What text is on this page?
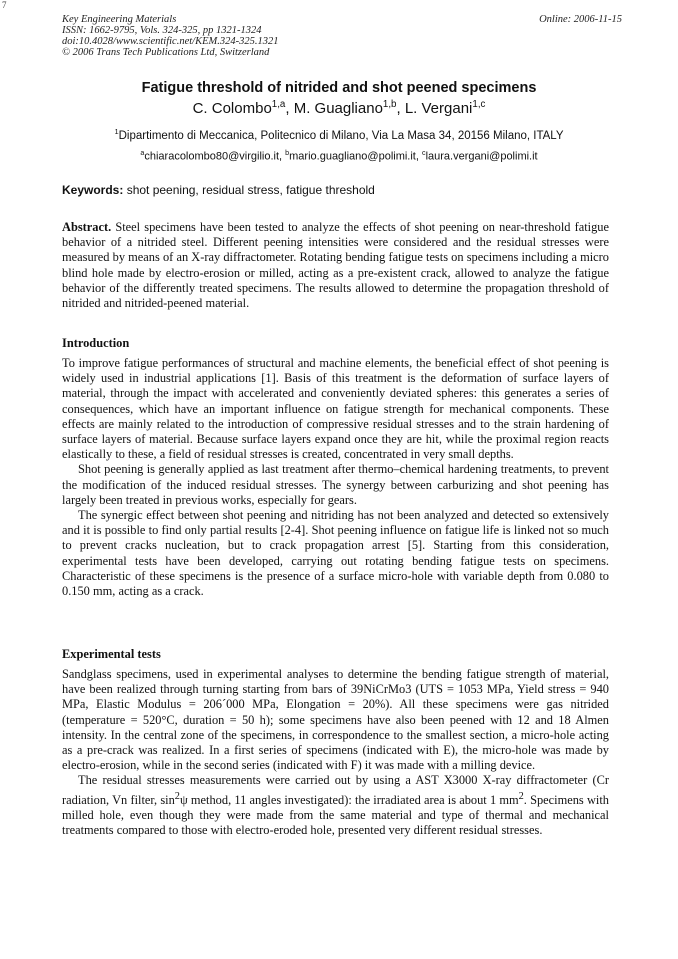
7
Key Engineering Materials
ISSN: 1662-9795, Vols. 324-325, pp 1321-1324
doi:10.4028/www.scientific.net/KEM.324-325.1321
© 2006 Trans Tech Publications Ltd, Switzerland
Online: 2006-11-15
Fatigue threshold of nitrided and shot peened specimens
C. Colombo$^{1,a}$, M. Guagliano$^{1,b}$, L. Vergani$^{1,c}$
$^1$Dipartimento di Meccanica, Politecnico di Milano, Via La Masa 34, 20156 Milano, ITALY
$^a$chiaracolombo80@virgilio.it, $^b$mario.guagliano@polimi.it, $^c$laura.vergani@polimi.it
Keywords: shot peening, residual stress, fatigue threshold

Abstract. Steel specimens have been tested to analyze the effects of shot peening on near-threshold fatigue behavior of a nitrided steel. Different peening intensities were considered and the residual stresses were measured by means of an X-ray diffractometer. Rotating bending fatigue tests on specimens including a micro blind hole made by electro-erosion or milled, acting as a pre-existent crack, allowed to analyze the fatigue behavior of the differently treated specimens. The results allowed to determine the propagation threshold of nitrided and nitrided-peened material.

Introduction

To improve fatigue performances of structural and machine elements, the beneficial effect of shot peening is widely used in industrial applications [1]. Basis of this treatment is the deformation of surface layers of material, through the impact with accelerated and conveniently deviated spheres: this generates a series of consequences, which have an important influence on fatigue strength for mechanical components. These effects are mainly related to the introduction of compressive residual stresses and to the strain hardening of surface layers of material. Because surface layers expand once they are hit, while the proximal region reacts elastically to these, a field of residual stresses is created, concentrated in very small depths.

Shot peening is generally applied as last treatment after thermo–chemical hardening treatments, to prevent the modification of the induced residual stresses. The synergy between carburizing and shot peening has largely been treated in previous works, especially for gears.

The synergic effect between shot peening and nitriding has not been analyzed and detected so extensively and it is possible to find only partial results [2-4]. Shot peening influence on fatigue life is linked not so much to prevent cracks nucleation, but to crack propagation arrest [5]. Starting from this consideration, experimental tests have been developed, carrying out rotating bending fatigue tests on specimens. Characteristic of these specimens is the presence of a surface micro-hole with variable depth from 0.080 to 0.150 mm, acting as a crack.

Experimental tests

Sandglass specimens, used in experimental analyses to determine the bending fatigue strength of material, have been realized through turning starting from bars of 39NiCrMo3 (UTS = 1053 MPa, Yield stress = 940 MPa, Elastic Modulus = 206´000 MPa, Elongation = 20%). All these specimens were gas nitrided (temperature = 520°C, duration = 50 h); some specimens have also been peened with 12 and 18 Almen intensity. In the central zone of the specimens, in correspondence to the smallest section, a micro-hole acting as a pre-crack was realized. In a first series of specimens (indicated with E), the micro-hole was made by electro-erosion, while in the second series (indicated with F) it was made with a milling device.

The residual stresses measurements were carried out by using a AST X3000 X-ray diffractometer (Cr radiation, Vn filter, $\sin^2\psi$ method, 11 angles investigated): the irradiated area is about 1 $mm^2$. Specimens with milled hole, even though they were made from the same material and type of thermal and mechanical treatments compared to those with electro-eroded hole, presented very different residual stresses.
